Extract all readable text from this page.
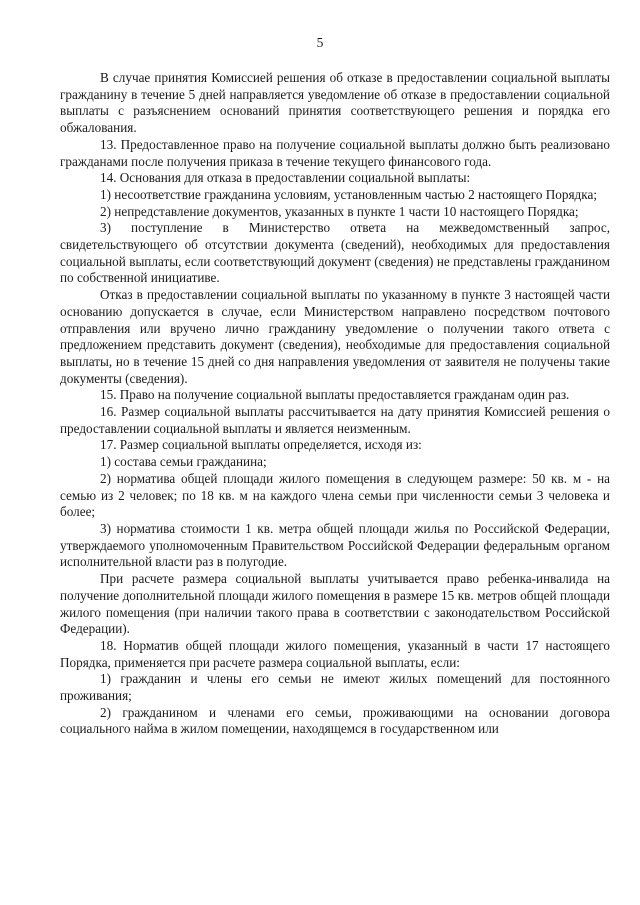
5

В случае принятия Комиссией решения об отказе в предоставлении социальной выплаты гражданину в течение 5 дней направляется уведомление об отказе в предоставлении социальной выплаты с разъяснением оснований принятия соответствующего решения и порядка его обжалования.

13. Предоставленное право на получение социальной выплаты должно быть реализовано гражданами после получения приказа в течение текущего финансового года.

14. Основания для отказа в предоставлении социальной выплаты:

1) несоответствие гражданина условиям, установленным частью 2 настоящего Порядка;

2) непредставление документов, указанных в пункте 1 части 10 настоящего Порядка;

3) поступление в Министерство ответа на межведомственный запрос, свидетельствующего об отсутствии документа (сведений), необходимых для предоставления социальной выплаты, если соответствующий документ (сведения) не представлены гражданином по собственной инициативе.

Отказ в предоставлении социальной выплаты по указанному в пункте 3 настоящей части основанию допускается в случае, если Министерством направлено посредством почтового отправления или вручено лично гражданину уведомление о получении такого ответа с предложением представить документ (сведения), необходимые для предоставления социальной выплаты, но в течение 15 дней со дня направления уведомления от заявителя не получены такие документы (сведения).

15. Право на получение социальной выплаты предоставляется гражданам один раз.

16. Размер социальной выплаты рассчитывается на дату принятия Комиссией решения о предоставлении социальной выплаты и является неизменным.

17. Размер социальной выплаты определяется, исходя из:

1) состава семьи гражданина;

2) норматива общей площади жилого помещения в следующем размере: 50 кв. м - на семью из 2 человек; по 18 кв. м на каждого члена семьи при численности семьи 3 человека и более;

3) норматива стоимости 1 кв. метра общей площади жилья по Российской Федерации, утверждаемого уполномоченным Правительством Российской Федерации федеральным органом исполнительной власти раз в полугодие.

При расчете размера социальной выплаты учитывается право ребенка-инвалида на получение дополнительной площади жилого помещения в размере 15 кв. метров общей площади жилого помещения (при наличии такого права в соответствии с законодательством Российской Федерации).

18. Норматив общей площади жилого помещения, указанный в части 17 настоящего Порядка, применяется при расчете размера социальной выплаты, если:

1) гражданин и члены его семьи не имеют жилых помещений для постоянного проживания;

2) гражданином и членами его семьи, проживающими на основании договора социального найма в жилом помещении, находящемся в государственном или
